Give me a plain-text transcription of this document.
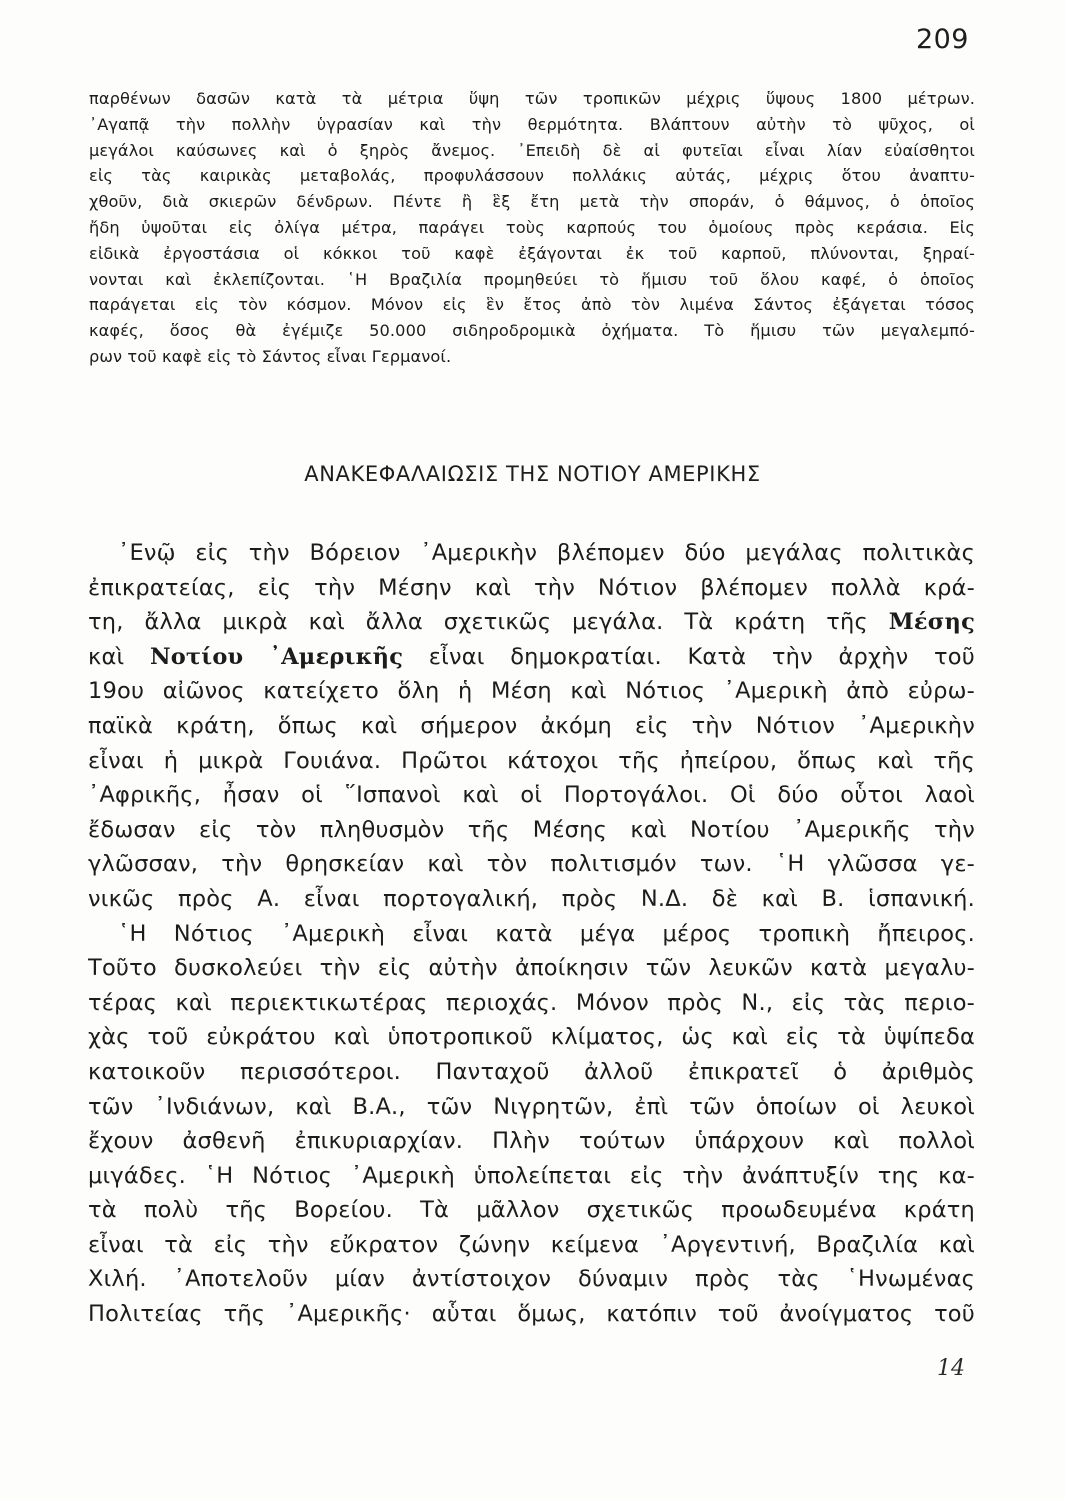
209
παρθένων δασῶν κατὰ τὰ μέτρια ὕψη τῶν τροπικῶν μέχρις ὕψους 1800 μέτρων.
᾿Αγαπᾷ τὴν πολλὴν ὑγρασίαν καὶ τὴν θερμότητα. Βλάπτουν αὐτὴν τὸ ψῦχος, οἱ
μεγάλοι καύσωνες καὶ ὁ ξηρὸς ἄνεμος. ᾿Επειδὴ δὲ αἱ φυτεῖαι εἶναι λίαν εὐαίσθητοι
εἰς τὰς καιρικὰς μεταβολάς, προφυλάσσουν πολλάκις αὐτάς, μέχρις ὅτου ἀναπτυ-
χθοῦν, διὰ σκιερῶν δένδρων. Πέντε ἢ ἓξ ἔτη μετὰ τὴν σποράν, ὁ θάμνος, ὁ ὁποῖος
ἤδη ὑψοῦται εἰς ὀλίγα μέτρα, παράγει τοὺς καρπούς του ὁμοίους πρὸς κεράσια. Εἰς
εἰδικὰ ἐργοστάσια οἱ κόκκοι τοῦ καφὲ ἐξάγονται ἐκ τοῦ καρποῦ, πλύνονται, ξηραί-
νονται καὶ ἐκλεπίζονται. ῾Η Βραζιλία προμηθεύει τὸ ἥμισυ τοῦ ὅλου καφέ, ὁ ὁποῖος
παράγεται εἰς τὸν κόσμον. Μόνον εἰς ἓν ἔτος ἀπὸ τὸν λιμένα Σάντος ἐξάγεται τόσος
καφές, ὅσος θὰ ἐγέμιζε 50.000 σιδηροδρομικὰ ὀχήματα. Τὸ ἥμισυ τῶν μεγαλεμπό-
ρων τοῦ καφὲ εἰς τὸ Σάντος εἶναι Γερμανοί.
ΑΝΑΚΕΦΑΛΑΙΩΣΙΣ ΤΗΣ ΝΟΤΙΟΥ ΑΜΕΡΙΚΗΣ
᾿Ενῷ εἰς τὴν Βόρειον ᾿Αμερικὴν βλέπομεν δύο μεγάλας πολιτικὰς
ἐπικρατείας, εἰς τὴν Μέσην καὶ τὴν Νότιον βλέπομεν πολλὰ κρά-
τη, ἄλλα μικρὰ καὶ ἄλλα σχετικῶς μεγάλα. Τὰ κράτη τῆς Μέσης
καὶ Νοτίου ᾿Αμερικῆς εἶναι δημοκρατίαι. Κατὰ τὴν ἀρχὴν τοῦ
19ου αἰῶνος κατείχετο ὅλη ἡ Μέση καὶ Νότιος ᾿Αμερικὴ ἀπὸ εὐρω-
παϊκὰ κράτη, ὅπως καὶ σήμερον ἀκόμη εἰς τὴν Νότιον ᾿Αμερικὴν
εἶναι ἡ μικρὰ Γουιάνα. Πρῶτοι κάτοχοι τῆς ἠπείρου, ὅπως καὶ τῆς
᾿Αφρικῆς, ἦσαν οἱ ῞Ισπανοὶ καὶ οἱ Πορτογάλοι. Οἱ δύο οὗτοι λαοὶ
ἔδωσαν εἰς τὸν πληθυσμὸν τῆς Μέσης καὶ Νοτίου ᾿Αμερικῆς τὴν
γλῶσσαν, τὴν θρησκείαν καὶ τὸν πολιτισμόν των. ῾Η γλῶσσα γε-
νικῶς πρὸς Α. εἶναι πορτογαλική, πρὸς Ν.Δ. δὲ καὶ Β. ἱσπανική.
῾Η Νότιος ᾿Αμερικὴ εἶναι κατὰ μέγα μέρος τροπικὴ ἤπειρος.
Τοῦτο δυσκολεύει τὴν εἰς αὐτὴν ἀποίκησιν τῶν λευκῶν κατὰ μεγαλυ-
τέρας καὶ περιεκτικωτέρας περιοχάς. Μόνον πρὸς Ν., εἰς τὰς περιο-
χὰς τοῦ εὐκράτου καὶ ὑποτροπικοῦ κλίματος, ὡς καὶ εἰς τὰ ὑψίπεδα
κατοικοῦν περισσότεροι. Πανταχοῦ ἀλλοῦ ἐπικρατεῖ ὁ ἀριθμὸς
τῶν ᾿Ινδιάνων, καὶ Β.Α., τῶν Νιγρητῶν, ἐπὶ τῶν ὁποίων οἱ λευκοὶ
ἔχουν ἀσθενῆ ἐπικυριαρχίαν. Πλὴν τούτων ὑπάρχουν καὶ πολλοὶ
μιγάδες. ῾Η Νότιος ᾿Αμερικὴ ὑπολείπεται εἰς τὴν ἀνάπτυξίν της κα-
τὰ πολὺ τῆς Βορείου. Τὰ μᾶλλον σχετικῶς προωδευμένα κράτη
εἶναι τὰ εἰς τὴν εὔκρατον ζώνην κείμενα ᾿Αργεντινή, Βραζιλία καὶ
Χιλή. ᾿Αποτελοῦν μίαν ἀντίστοιχον δύναμιν πρὸς τὰς ῾Ηνωμένας
Πολιτείας τῆς ᾿Αμερικῆς· αὗται ὅμως, κατόπιν τοῦ ἀνοίγματος τοῦ
14
